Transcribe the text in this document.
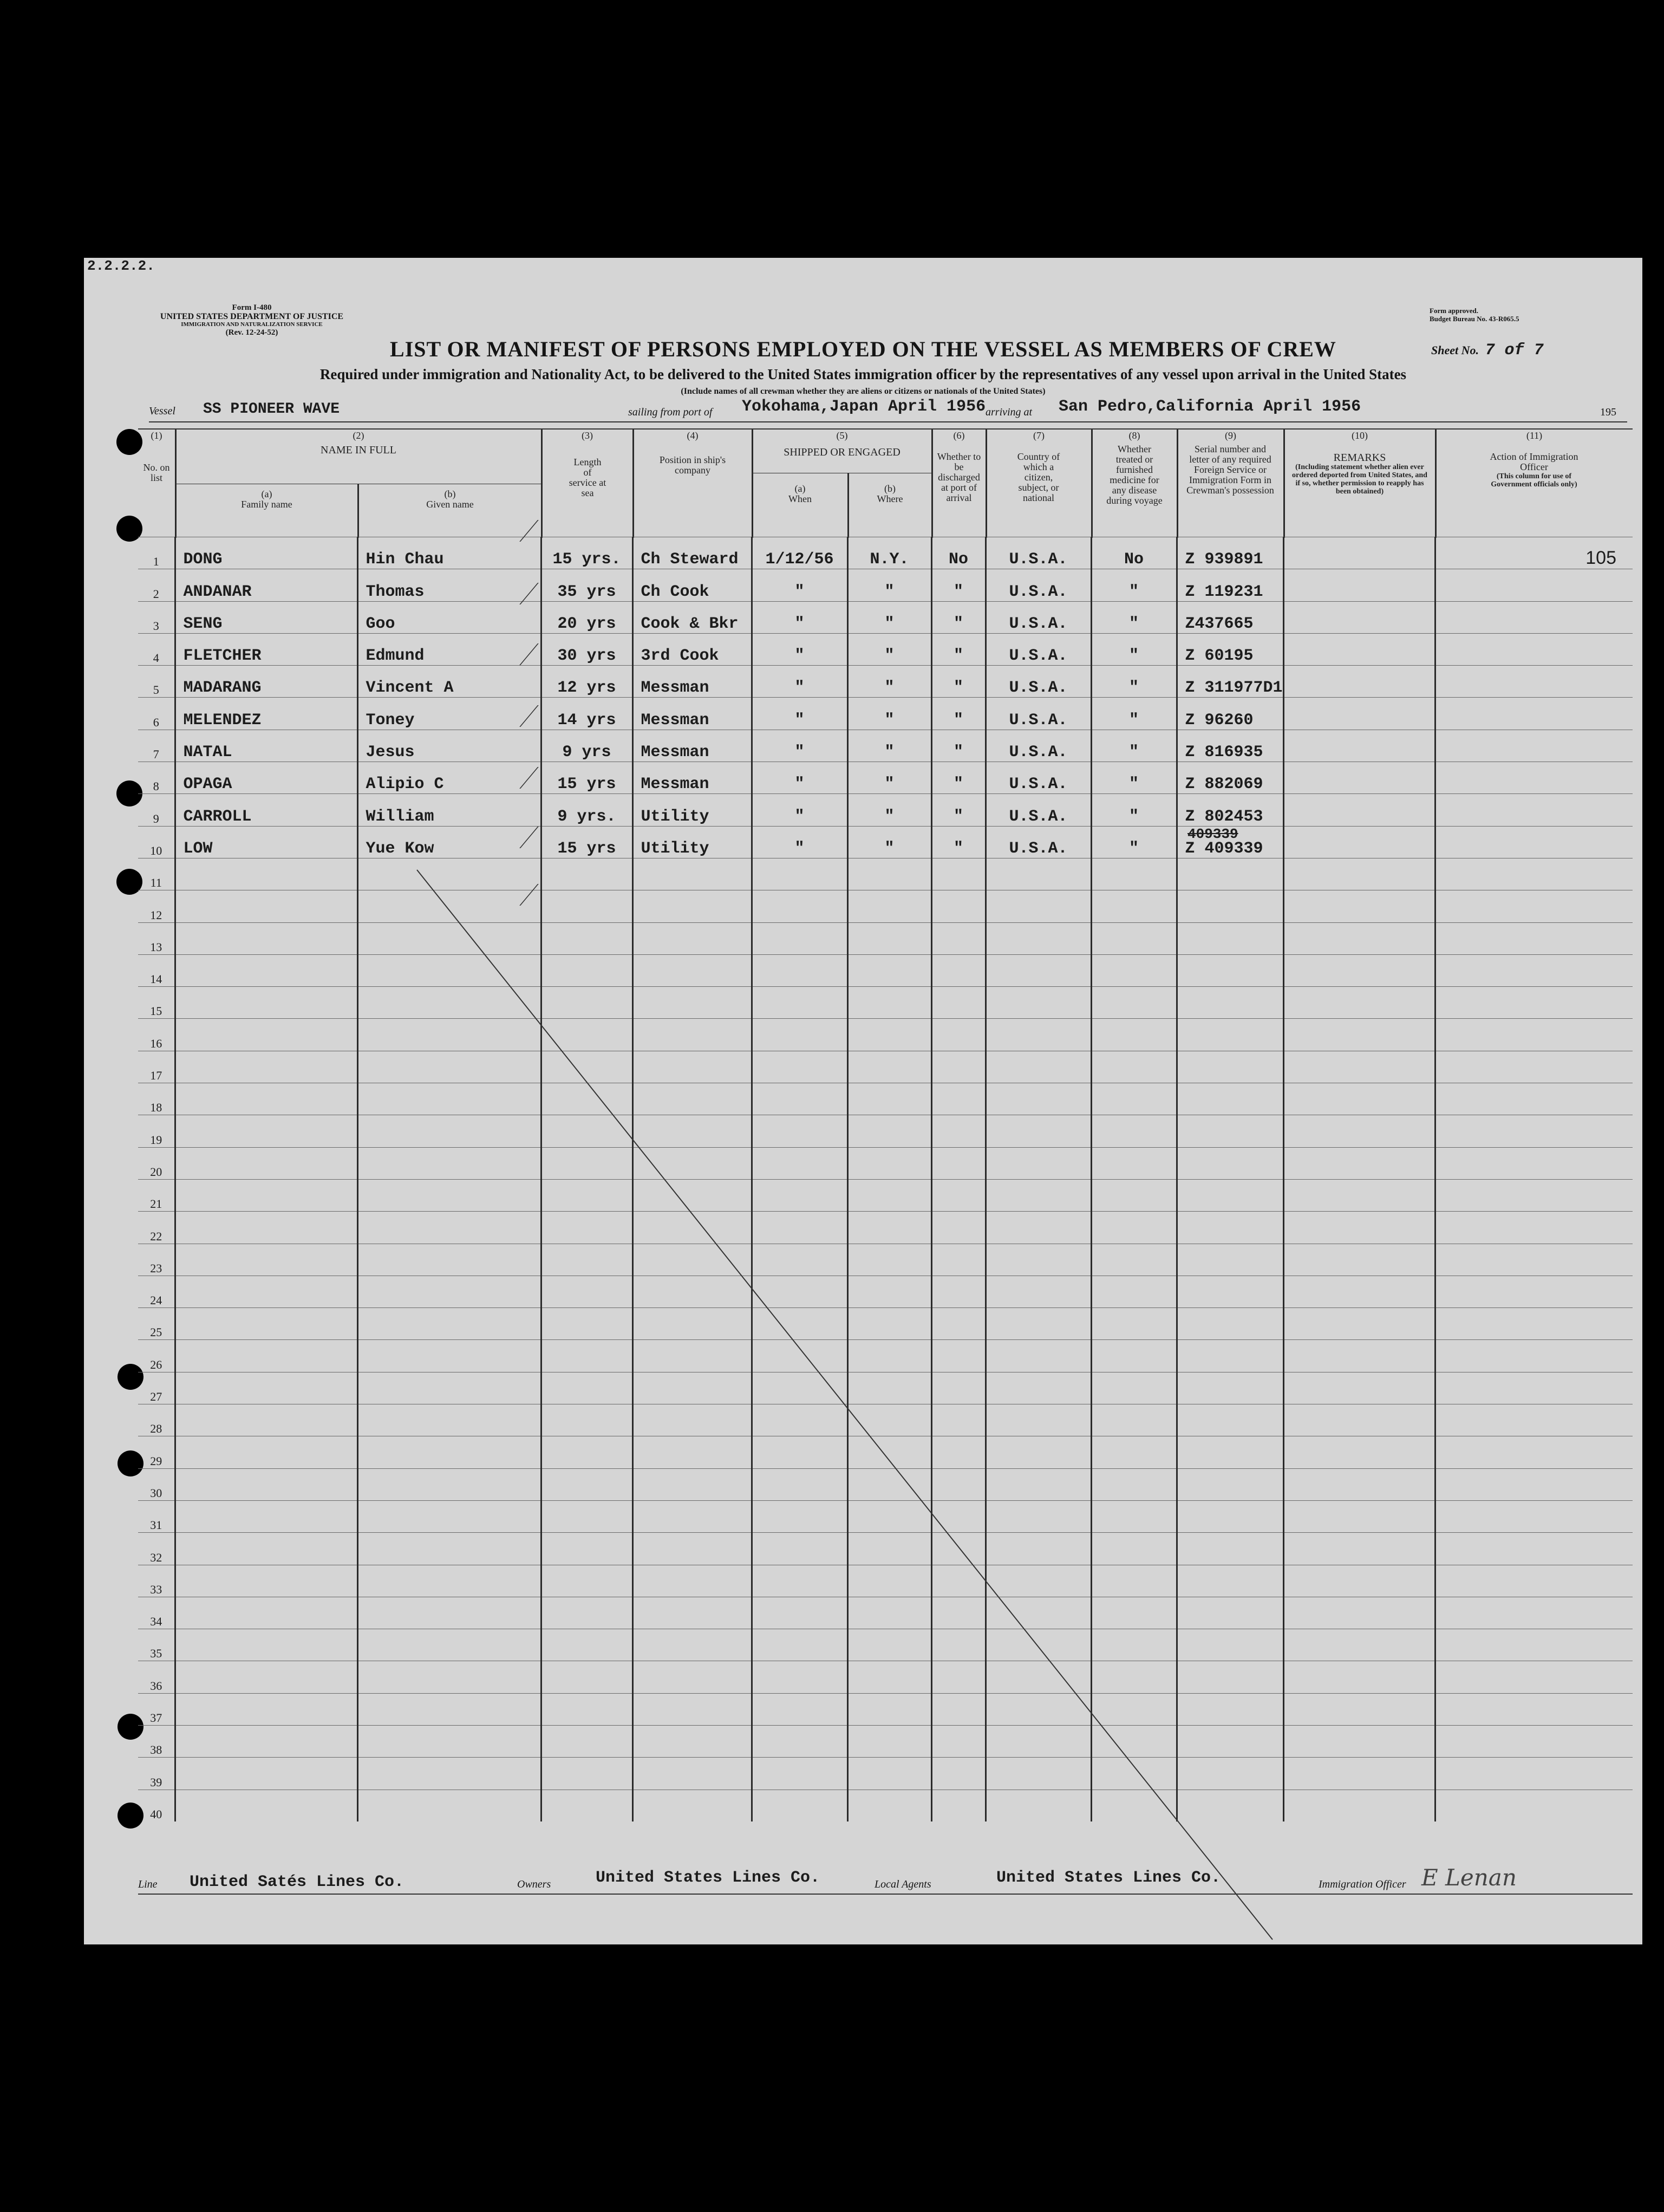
2.2.2.2.
Form I-480
UNITED STATES DEPARTMENT OF JUSTICE
IMMIGRATION AND NATURALIZATION SERVICE
(Rev. 12-24-52)
Form approved.
Budget Bureau No. 43-R065.5
Sheet No. 7 of 7
LIST OR MANIFEST OF PERSONS EMPLOYED ON THE VESSEL AS MEMBERS OF CREW
Required under immigration and Nationality Act, to be delivered to the United States immigration officer by the representatives of any vessel upon arrival in the United States
(Include names of all crewman whether they are aliens or citizens or nationals of the United States)
Vessel SS PIONEER WAVE	sailing from port of Yokohama,Japan April 1956 arriving at San Pedro,California April 1956	195
(1)
No. on list
(2)
NAME IN FULL
(a)
Family name
(b)
Given name
(3)
Length of service at sea
(4)
Position in ship's company
(5)
SHIPPED OR ENGAGED
(a)
When
(b)
Where
(6)
Whether to be discharged at port of arrival
(7)
Country of which a citizen, subject, or national
(8)
Whether treated or furnished medicine for any disease during voyage
(9)
Serial number and letter of any required Foreign Service or Immigration Form in Crewman's possession
(10)
REMARKS
(Including statement whether alien ever ordered deported from United States, and if so, whether permission to reapply has been obtained)
(11)
Action of Immigration Officer
(This column for use of Government officials only)
1	DONG	Hin Chau	15 yrs.	Ch Steward	1/12/56	N.Y.	No	U.S.A.	No	Z 939891		105
2	ANDANAR	Thomas	35 yrs	Ch Cook	"	"	"	U.S.A.	"	Z 119231		
3	SENG	Goo	20 yrs	Cook & Bkr	"	"	"	U.S.A.	"	Z437665		
4	FLETCHER	Edmund	30 yrs	3rd Cook	"	"	"	U.S.A.	"	Z 60195		
5	MADARANG	Vincent A	12 yrs	Messman	"	"	"	U.S.A.	"	Z 311977D1		
6	MELENDEZ	Toney	14 yrs	Messman	"	"	"	U.S.A.	"	Z 96260		
7	NATAL	Jesus	9 yrs	Messman	"	"	"	U.S.A.	"	Z 816935		
8	OPAGA	Alipio C	15 yrs	Messman	"	"	"	U.S.A.	"	Z 882069		
9	CARROLL	William	9 yrs.	Utility	"	"	"	U.S.A.	"	Z 802453		
10	LOW	Yue Kow	15 yrs	Utility	"	"	"	U.S.A.	"	Z 409339		
11												
12												
13												
14												
15												
16												
17												
18												
19												
20												
21												
22												
23												
24												
25												
26												
27												
28												
29												
30												
31												
32												
33												
34												
35												
36												
37												
38												
39												
40												
409339
Line United Satés Lines Co.	Owners	United States Lines Co.	Local Agents	United States Lines Co.	Immigration Officer E Lenan
